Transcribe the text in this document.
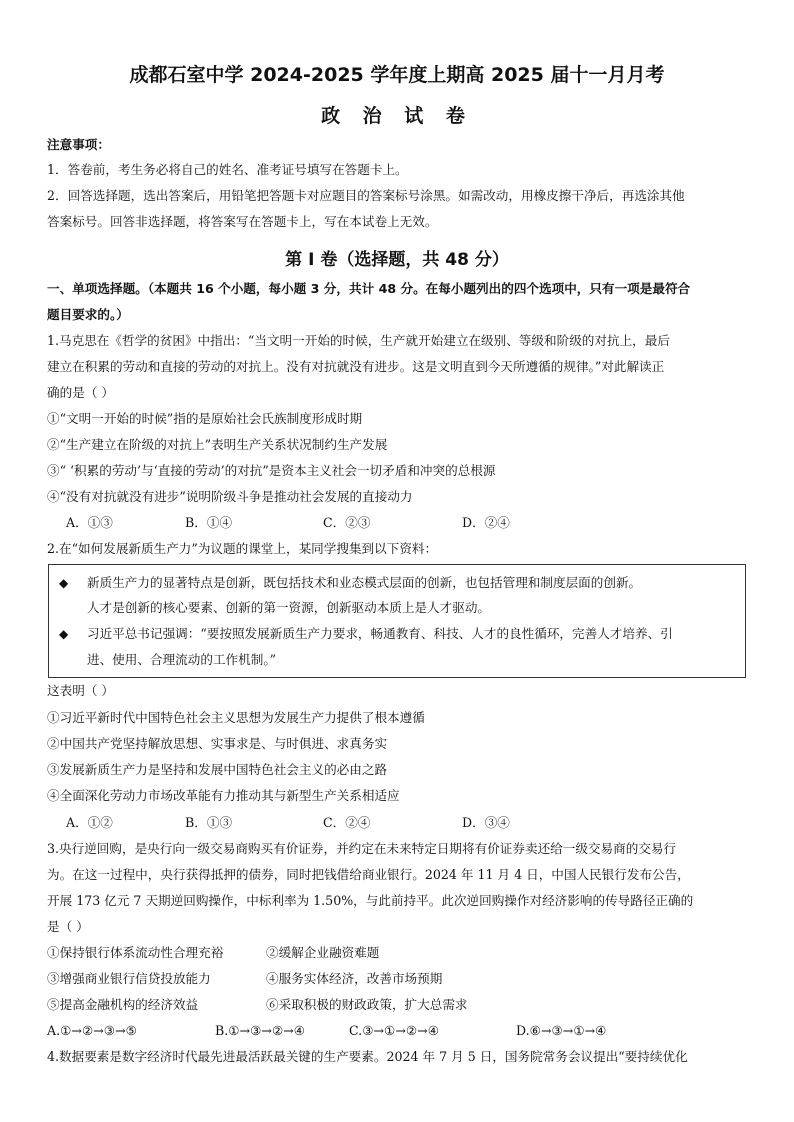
成都石室中学 2024-2025 学年度上期高 2025 届十一月月考
政 治 试 卷
注意事项：
1．答卷前，考生务必将自己的姓名、准考证号填写在答题卡上。
2．回答选择题，选出答案后，用铅笔把答题卡对应题目的答案标号涂黑。如需改动，用橡皮擦干净后，再选涂其他
答案标号。回答非选择题，将答案写在答题卡上，写在本试卷上无效。
第 I 卷（选择题，共 48 分）
一、单项选择题。（本题共 16 个小题，每小题 3 分，共计 48 分。在每小题列出的四个选项中，只有一项是最符合
题目要求的。）
1.马克思在《哲学的贫困》中指出：“当文明一开始的时候，生产就开始建立在级别、等级和阶级的对抗上，最后
建立在积累的劳动和直接的劳动的对抗上。没有对抗就没有进步。这是文明直到今天所遵循的规律。”对此解读正
确的是（ ）
①“文明一开始的时候”指的是原始社会氏族制度形成时期
②“生产建立在阶级的对抗上”表明生产关系状况制约生产发展
③“ ‘积累的劳动’与‘直接的劳动’的对抗”是资本主义社会一切矛盾和冲突的总根源
④“没有对抗就没有进步”说明阶级斗争是推动社会发展的直接动力
A．①③	B．①④	C．②③	D．②④
2.在“如何发展新质生产力”为议题的课堂上，某同学搜集到以下资料：
◆ 新质生产力的显著特点是创新，既包括技术和业态模式层面的创新，也包括管理和制度层面的创新。
人才是创新的核心要素、创新的第一资源，创新驱动本质上是人才驱动。
◆ 习近平总书记强调：“要按照发展新质生产力要求，畅通教育、科技、人才的良性循环，完善人才培养、引
进、使用、合理流动的工作机制。”
这表明（ ）
①习近平新时代中国特色社会主义思想为发展生产力提供了根本遵循
②中国共产党坚持解放思想、实事求是、与时俱进、求真务实
③发展新质生产力是坚持和发展中国特色社会主义的必由之路
④全面深化劳动力市场改革能有力推动其与新型生产关系相适应
A．①②	B．①③	C．②④	D．③④
3.央行逆回购，是央行向一级交易商购买有价证券，并约定在未来特定日期将有价证券卖还给一级交易商的交易行
为。在这一过程中，央行获得抵押的债券，同时把钱借给商业银行。2024 年 11 月 4 日，中国人民银行发布公告，
开展 173 亿元 7 天期逆回购操作，中标利率为 1.50%，与此前持平。此次逆回购操作对经济影响的传导路径正确的
是（ ）
①保持银行体系流动性合理充裕	②缓解企业融资难题
③增强商业银行信贷投放能力	④服务实体经济，改善市场预期
⑤提高金融机构的经济效益	⑥采取积极的财政政策，扩大总需求
A.①→②→③→⑤	B.①→③→②→④	C.③→①→②→④	D.⑥→③→①→④
4.数据要素是数字经济时代最先进最活跃最关键的生产要素。2024 年 7 月 5 日，国务院常务会议提出“要持续优化
